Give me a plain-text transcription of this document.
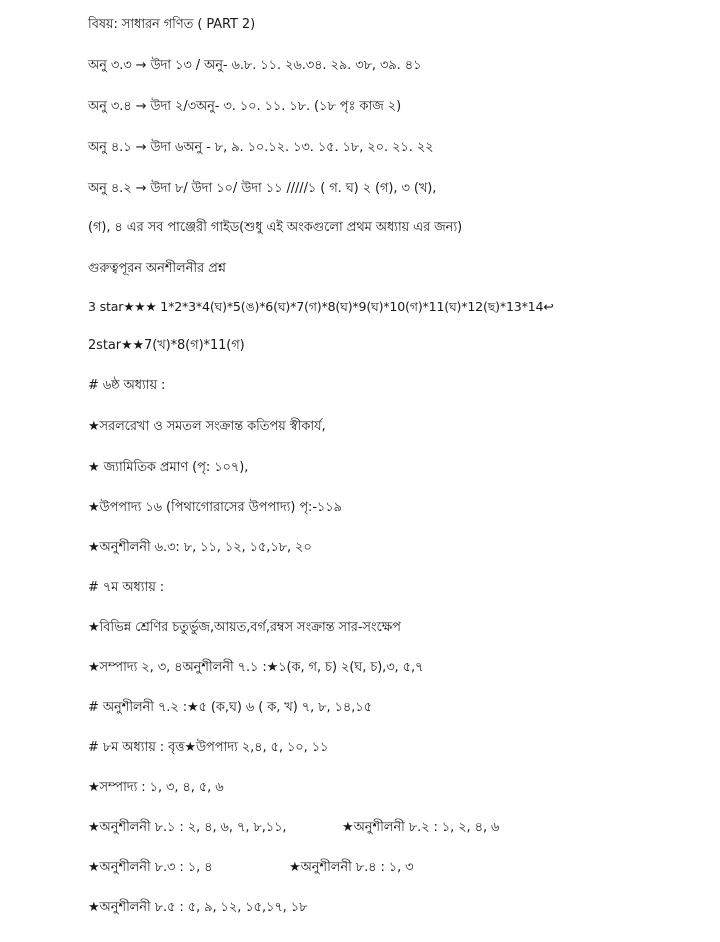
বিষয়: সাধারন গণিত ( PART 2)
অনু ৩.৩ → উদা ১৩ / অনু- ৬.৮. ১১. ২৬.৩৪. ২৯. ৩৮, ৩৯. ৪১
অনু ৩.৪ → উদা ২/৩অনু- ৩. ১০. ১১. ১৮. (১৮ পৃঃ কাজ ২)
অনু ৪.১ → উদা ৬অনু - ৮, ৯. ১০.১২. ১৩. ১৫. ১৮, ২০. ২১. ২২
অনু ৪.২ → উদা ৮/ উদা ১০/ উদা ১১ /////১ ( গ. ঘ) ২ (গ), ৩ (খ),
(গ), ৪ এর সব পাঞ্জেরী গাইড(শুধু এই অংকগুলো প্রথম অধ্যায় এর জন্য)
গুরুত্বপূরন অনশীলনীর প্রশ্ন
3 star★★★ 1*2*3*4(ঘ)*5(ঙ)*6(ঘ)*7(গ)*8(ঘ)*9(ঘ)*10(গ)*11(ঘ)*12(ছ)*13*14↩
2star★★7(খ)*8(গ)*11(গ)
# ৬ষ্ঠ অধ্যায় :
★সরলরেখা ও সমতল সংক্রান্ত কতিপয় স্বীকার্য,
★ জ্যামিতিক প্রমাণ (পৃ: ১০৭),
★উপপাদ্য ১৬ (পিথাগোরাসের উপপাদ্য) পৃ:-১১৯
★অনুশীলনী ৬.৩: ৮, ১১, ১২, ১৫,১৮, ২০
# ৭ম অধ্যায় :
★বিভিন্ন শ্রেণির চতুর্ভুজ,আয়ত,বর্গ,রম্বস সংক্রান্ত সার-সংক্ষেপ
★সম্পাদ্য ২, ৩, ৪অনুশীলনী ৭.১ :★১(ক, গ, চ) ২(ঘ, চ),৩, ৫,৭
# অনুশীলনী ৭.২ :★৫ (ক,ঘ) ৬ ( ক, খ) ৭, ৮, ১৪,১৫
# ৮ম অধ্যায় : বৃত্ত★উপপাদ্য ২,৪, ৫, ১০, ১১
★সম্পাদ্য : ১, ৩, ৪, ৫, ৬
★অনুশীলনী ৮.১ : ২, ৪, ৬, ৭, ৮,১১,	★অনুশীলনী ৮.২ : ১, ২, ৪, ৬
★অনুশীলনী ৮.৩ : ১, ৪	★অনুশীলনী ৮.৪ : ১, ৩
★অনুশীলনী ৮.৫ : ৫, ৯, ১২, ১৫,১৭, ১৮
